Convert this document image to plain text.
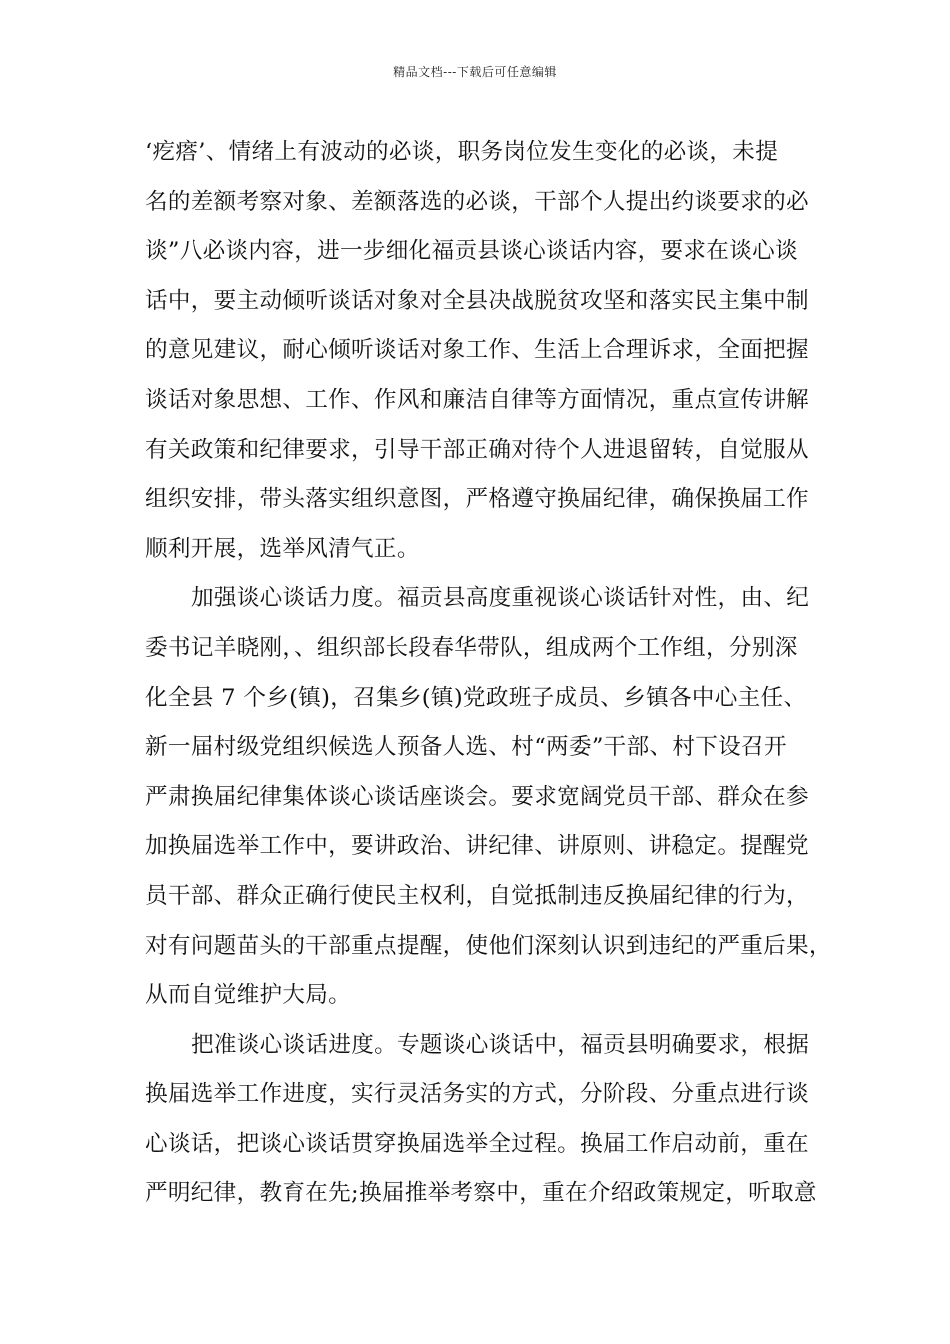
精品文档---下载后可任意编辑
‘疙瘩’、情绪上有波动的必谈，职务岗位发生变化的必谈，未提
名的差额考察对象、差额落选的必谈，干部个人提出约谈要求的必
谈”八必谈内容，进一步细化福贡县谈心谈话内容，要求在谈心谈
话中，要主动倾听谈话对象对全县决战脱贫攻坚和落实民主集中制
的意见建议，耐心倾听谈话对象工作、生活上合理诉求，全面把握
谈话对象思想、工作、作风和廉洁自律等方面情况，重点宣传讲解
有关政策和纪律要求，引导干部正确对待个人进退留转，自觉服从
组织安排，带头落实组织意图，严格遵守换届纪律，确保换届工作
顺利开展，选举风清气正。
加强谈心谈话力度。福贡县高度重视谈心谈话针对性，由、纪
委书记羊晓刚，、组织部长段春华带队，组成两个工作组，分别深
化全县 7 个乡(镇)，召集乡(镇)党政班子成员、乡镇各中心主任、
新一届村级党组织候选人预备人选、村“两委”干部、村下设召开
严肃换届纪律集体谈心谈话座谈会。要求宽阔党员干部、群众在参
加换届选举工作中，要讲政治、讲纪律、讲原则、讲稳定。提醒党
员干部、群众正确行使民主权利，自觉抵制违反换届纪律的行为，
对有问题苗头的干部重点提醒，使他们深刻认识到违纪的严重后果，
从而自觉维护大局。
把准谈心谈话进度。专题谈心谈话中，福贡县明确要求，根据
换届选举工作进度，实行灵活务实的方式，分阶段、分重点进行谈
心谈话，把谈心谈话贯穿换届选举全过程。换届工作启动前，重在
严明纪律，教育在先;换届推举考察中，重在介绍政策规定，听取意
